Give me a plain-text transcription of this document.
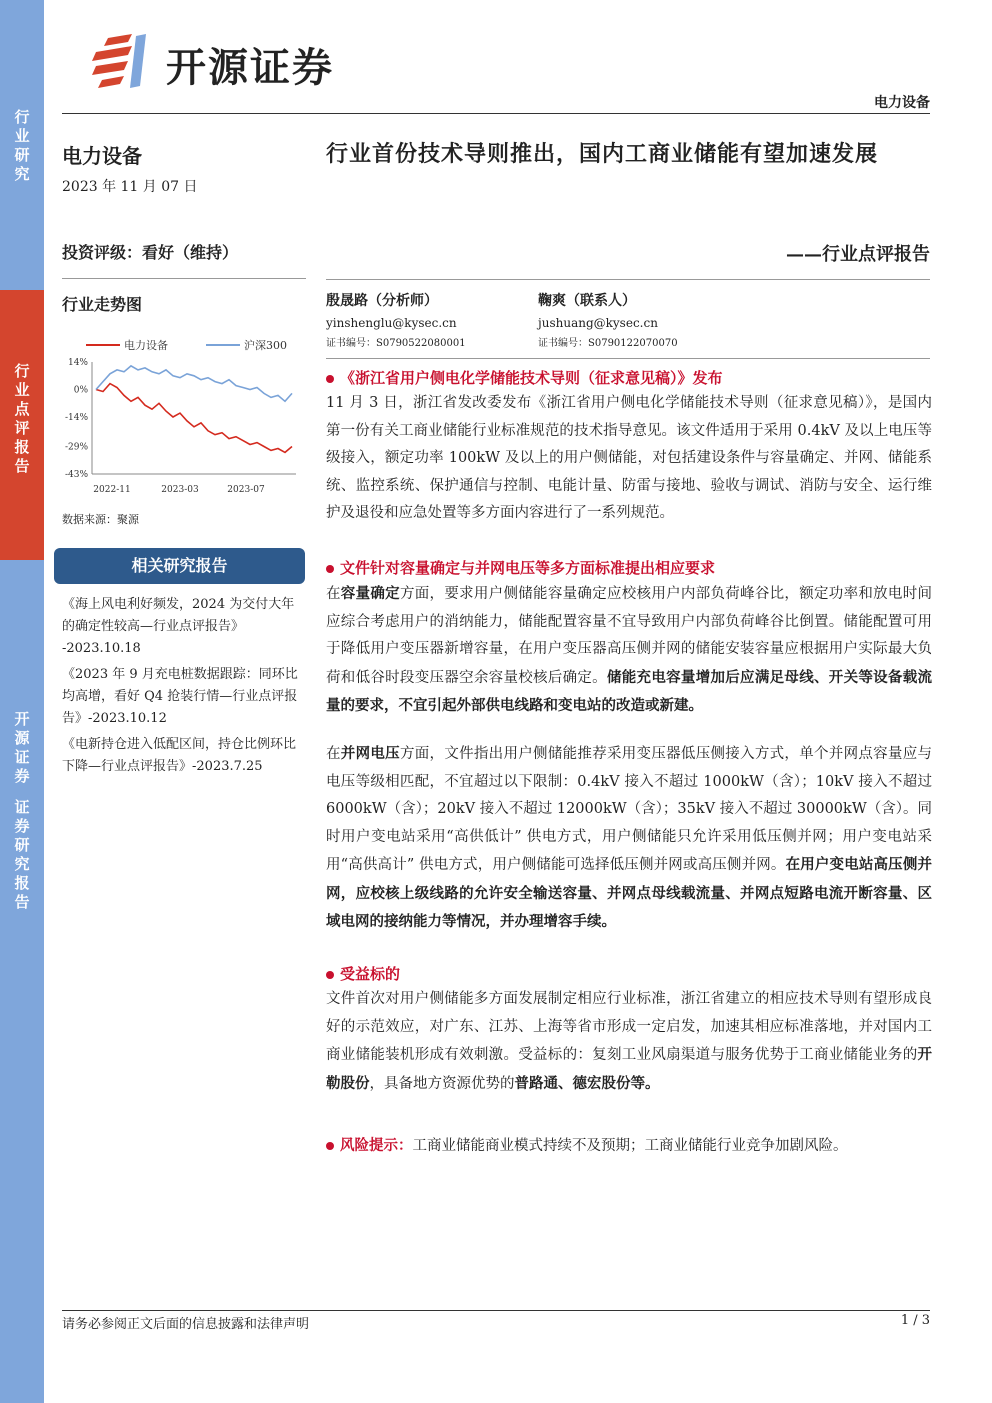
行
业
研
究
行
业
点
评
报
告
开
源
证
券
证
券
研
究
报
告
开源证券
电力设备
电力设备
2023 年 11 月 07 日
投资评级：看好（维持）
行业走势图
14%
0%
-14%
-29%
-43%
2022-11	2023-03	2023-07
电力设备	沪深300
数据来源：聚源
相关研究报告
《海上风电利好频发，2024 为交付大年的确定性较高—行业点评报告》
-2023.10.18
《2023 年 9 月充电桩数据跟踪：同环比均高增，看好 Q4 抢装行情—行业点评报告》-2023.10.12
《电新持仓进入低配区间，持仓比例环比下降—行业点评报告》-2023.7.25
行业首份技术导则推出，国内工商业储能有望加速发展
——行业点评报告
殷晟路（分析师）
yinshenglu@kysec.cn
证书编号：S0790522080001
鞠爽（联系人）
jushuang@kysec.cn
证书编号：S0790122070070
《浙江省用户侧电化学储能技术导则（征求意见稿）》发布
11 月 3 日，浙江省发改委发布《浙江省用户侧电化学储能技术导则（征求意见稿）》，是国内第一份有关工商业储能行业标准规范的技术指导意见。该文件适用于采用 0.4kV 及以上电压等级接入，额定功率 100kW 及以上的用户侧储能，对包括建设条件与容量确定、并网、储能系统、监控系统、保护通信与控制、电能计量、防雷与接地、验收与调试、消防与安全、运行维护及退役和应急处置等多方面内容进行了一系列规范。
文件针对容量确定与并网电压等多方面标准提出相应要求
在容量确定方面，要求用户侧储能容量确定应校核用户内部负荷峰谷比，额定功率和放电时间应综合考虑用户的消纳能力，储能配置容量不宜导致用户内部负荷峰谷比倒置。储能配置可用于降低用户变压器新增容量，在用户变压器高压侧并网的储能安装容量应根据用户实际最大负荷和低谷时段变压器空余容量校核后确定。储能充电容量增加后应满足母线、开关等设备载流量的要求，不宜引起外部供电线路和变电站的改造或新建。
在并网电压方面，文件指出用户侧储能推荐采用变压器低压侧接入方式，单个并网点容量应与电压等级相匹配，不宜超过以下限制：0.4kV 接入不超过 1000kW（含）；10kV 接入不超过 6000kW（含）；20kV 接入不超过 12000kW（含）；35kV 接入不超过 30000kW（含）。同时用户变电站采用“高供低计” 供电方式，用户侧储能只允许采用低压侧并网；用户变电站采用“高供高计” 供电方式，用户侧储能可选择低压侧并网或高压侧并网。在用户变电站高压侧并网，应校核上级线路的允许安全输送容量、并网点母线载流量、并网点短路电流开断容量、区域电网的接纳能力等情况，并办理增容手续。
受益标的
文件首次对用户侧储能多方面发展制定相应行业标准，浙江省建立的相应技术导则有望形成良好的示范效应，对广东、江苏、上海等省市形成一定启发，加速其相应标准落地，并对国内工商业储能装机形成有效刺激。受益标的：复刻工业风扇渠道与服务优势于工商业储能业务的开勒股份，具备地方资源优势的普路通、德宏股份等。
风险提示：工商业储能商业模式持续不及预期；工商业储能行业竞争加剧风险。
请务必参阅正文后面的信息披露和法律声明	1 / 3
